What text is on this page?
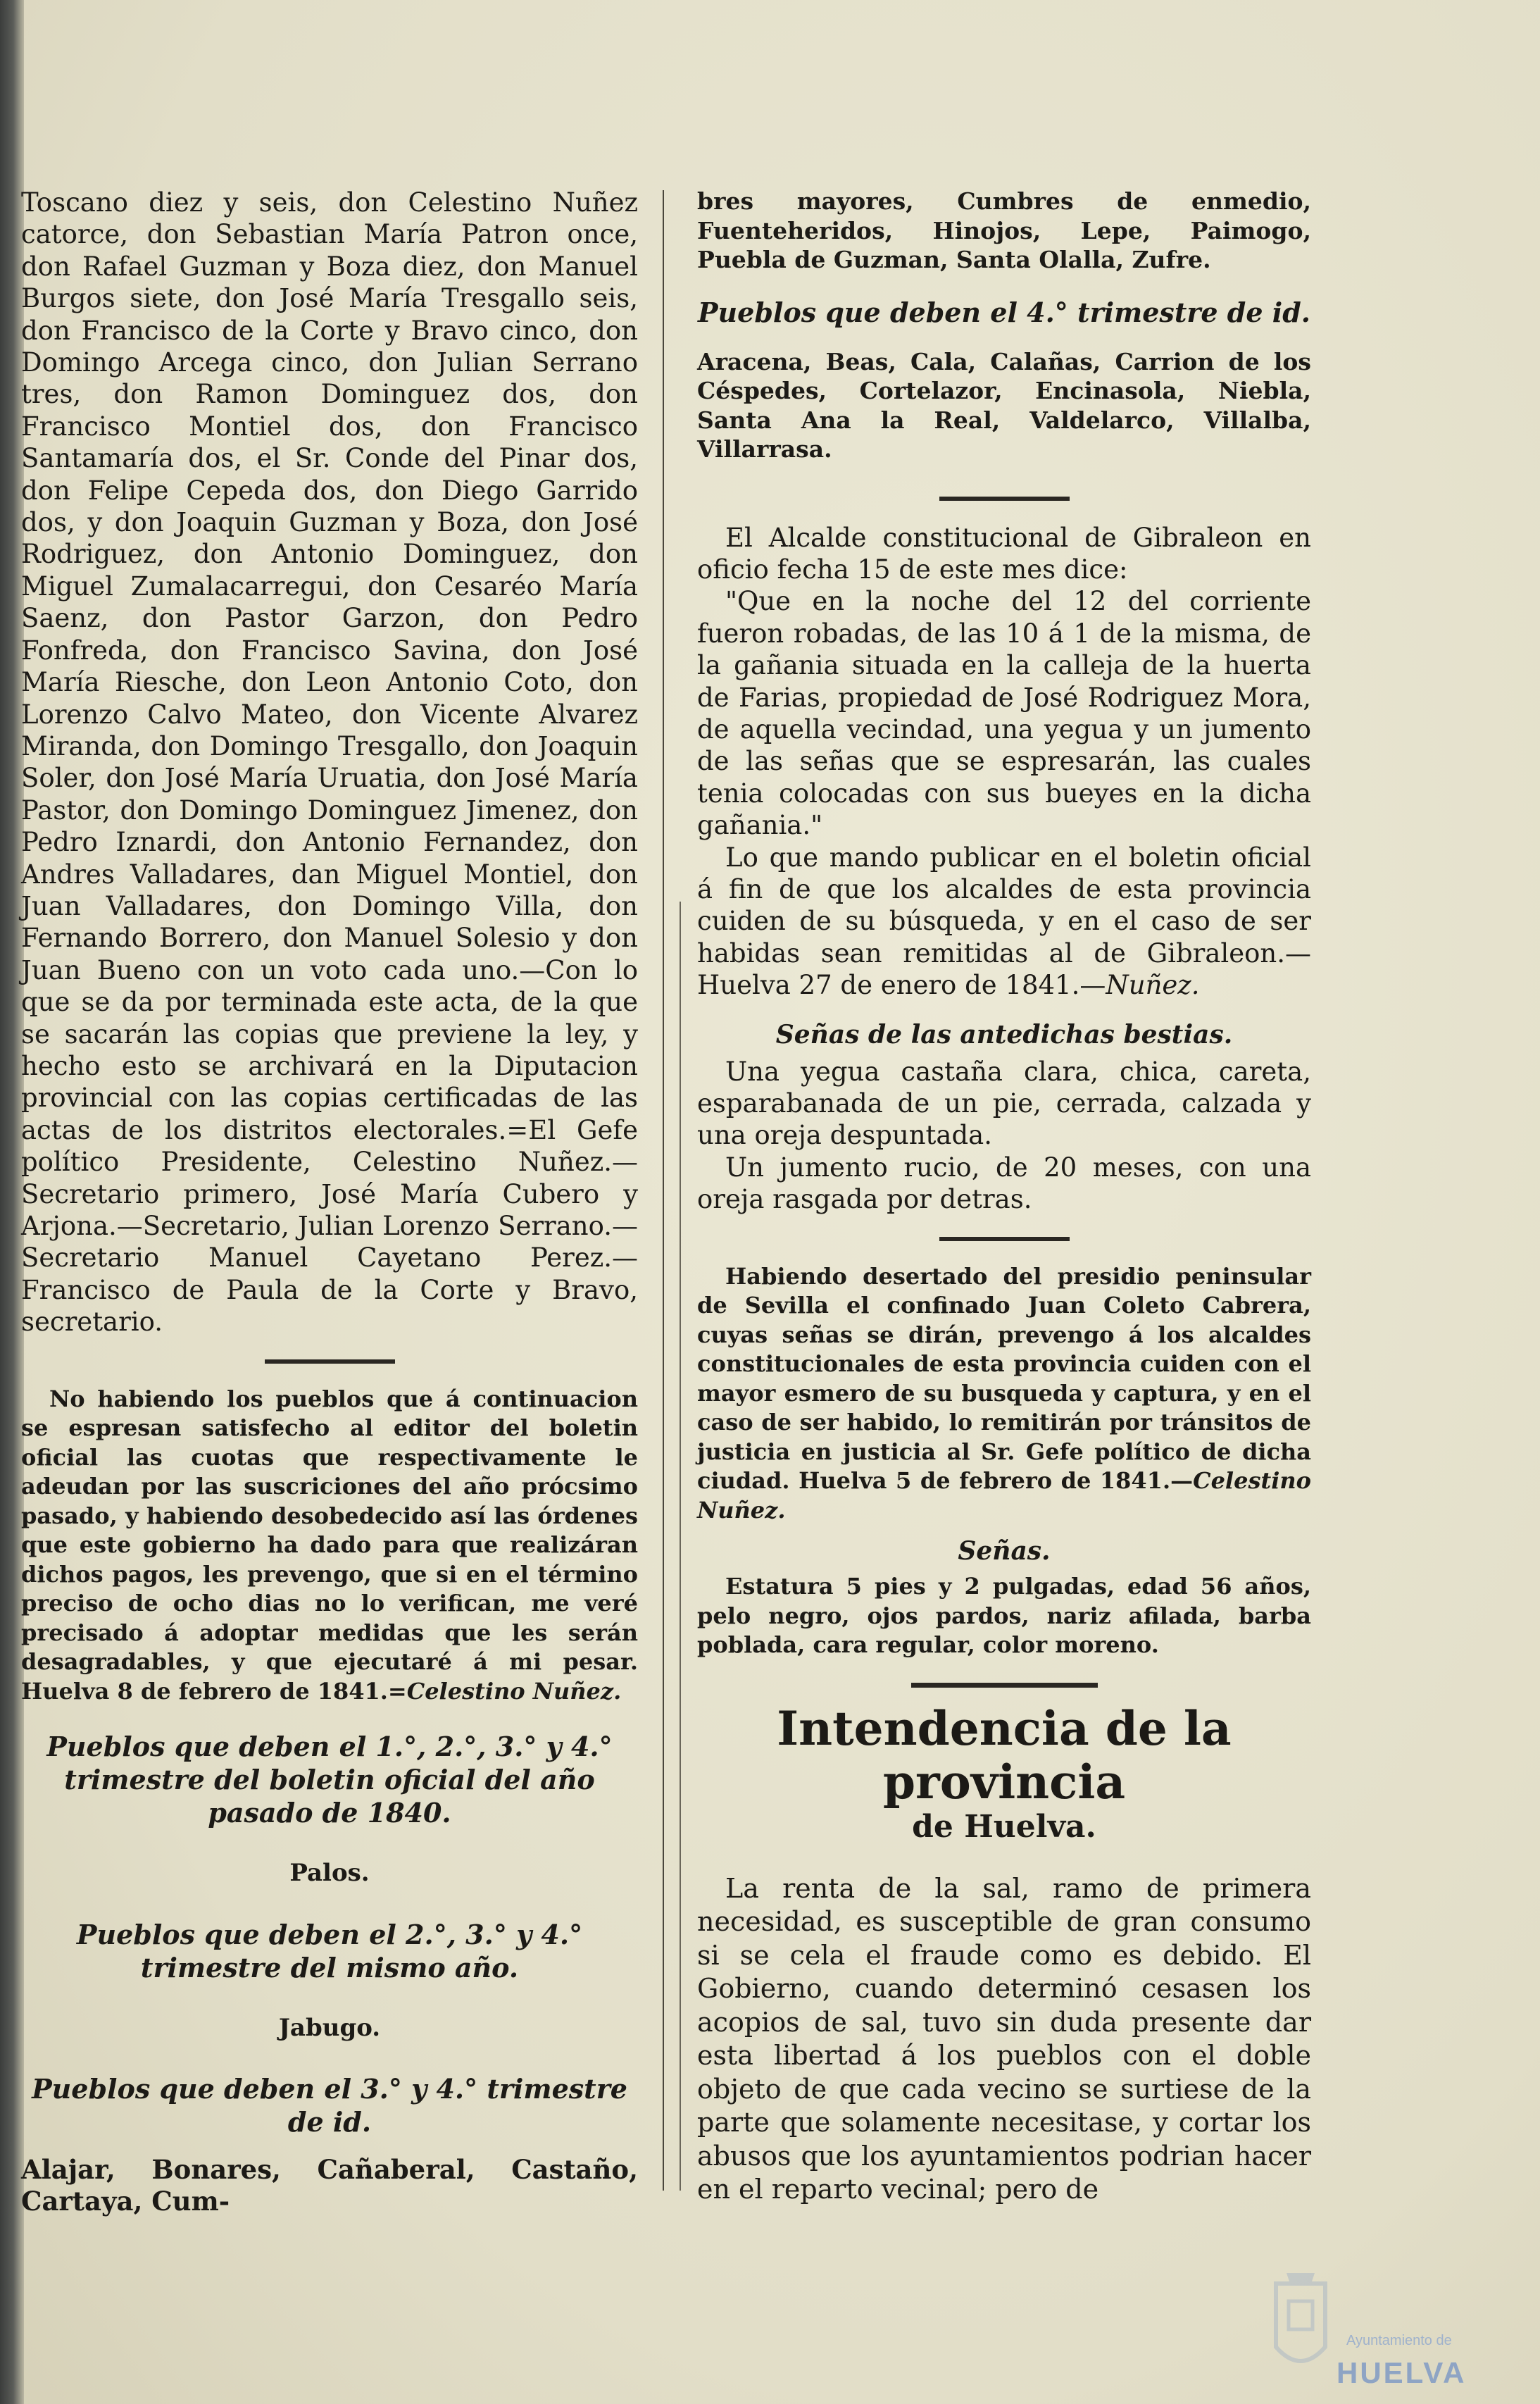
Toscano diez y seis, don Celestino Nuñez catorce, don Sebastian María Patron once, don Rafael Guzman y Boza diez, don Manuel Burgos siete, don José María Tresgallo seis, don Francisco de la Corte y Bravo cinco, don Domingo Arcega cinco, don Julian Serrano tres, don Ramon Dominguez dos, don Francisco Montiel dos, don Francisco Santamaría dos, el Sr. Conde del Pinar dos, don Felipe Cepeda dos, don Diego Garrido dos, y don Joaquin Guzman y Boza, don José Rodriguez, don Antonio Dominguez, don Miguel Zumalacarregui, don Cesaréo María Saenz, don Pastor Garzon, don Pedro Fonfreda, don Francisco Savina, don José María Riesche, don Leon Antonio Coto, don Lorenzo Calvo Mateo, don Vicente Alvarez Miranda, don Domingo Tresgallo, don Joaquin Soler, don José María Uruatia, don José María Pastor, don Domingo Dominguez Jimenez, don Pedro Iznardi, don Antonio Fernandez, don Andres Valladares, dan Miguel Montiel, don Juan Valladares, don Domingo Villa, don Fernando Borrero, don Manuel Solesio y don Juan Bueno con un voto cada uno.—Con lo que se da por terminada este acta, de la que se sacarán las copias que previene la ley, y hecho esto se archivará en la Diputacion provincial con las copias certificadas de las actas de los distritos electorales.=El Gefe político Presidente, Celestino Nuñez.—Secretario primero, José María Cubero y Arjona.—Secretario, Julian Lorenzo Serrano.— Secretario Manuel Cayetano Perez.—Francisco de Paula de la Corte y Bravo, secretario.

No habiendo los pueblos que á continuacion se espresan satisfecho al editor del boletin oficial las cuotas que respectivamente le adeudan por las suscriciones del año prócsimo pasado, y habiendo desobedecido así las órdenes que este gobierno ha dado para que realizáran dichos pagos, les prevengo, que si en el término preciso de ocho dias no lo verifican, me veré precisado á adoptar medidas que les serán desagradables, y que ejecutaré á mi pesar. Huelva 8 de febrero de 1841.=Celestino Nuñez.

Pueblos que deben el 1.°, 2.°, 3.° y 4.° trimestre del boletin oficial del año pasado de 1840.

Palos.

Pueblos que deben el 2.°, 3.° y 4.° trimestre del mismo año.

Jabugo.

Pueblos que deben el 3.° y 4.° trimestre de id.

Alajar, Bonares, Cañaberal, Castaño, Cartaya, Cum-

bres mayores, Cumbres de enmedio, Fuenteheridos, Hinojos, Lepe, Paimogo, Puebla de Guzman, Santa Olalla, Zufre.

Pueblos que deben el 4.° trimestre de id.

Aracena, Beas, Cala, Calañas, Carrion de los Céspedes, Cortelazor, Encinasola, Niebla, Santa Ana la Real, Valdelarco, Villalba, Villarrasa.

El Alcalde constitucional de Gibraleon en oficio fecha 15 de este mes dice:

"Que en la noche del 12 del corriente fueron robadas, de las 10 á 1 de la misma, de la gañania situada en la calleja de la huerta de Farias, propiedad de José Rodriguez Mora, de aquella vecindad, una yegua y un jumento de las señas que se espresarán, las cuales tenia colocadas con sus bueyes en la dicha gañania."

Lo que mando publicar en el boletin oficial á fin de que los alcaldes de esta provincia cuiden de su búsqueda, y en el caso de ser habidas sean remitidas al de Gibraleon.—Huelva 27 de enero de 1841.—Nuñez.

Señas de las antedichas bestias.

Una yegua castaña clara, chica, careta, esparabanada de un pie, cerrada, calzada y una oreja despuntada.

Un jumento rucio, de 20 meses, con una oreja rasgada por detras.

Habiendo desertado del presidio peninsular de Sevilla el confinado Juan Coleto Cabrera, cuyas señas se dirán, prevengo á los alcaldes constitucionales de esta provincia cuiden con el mayor esmero de su busqueda y captura, y en el caso de ser habido, lo remitirán por tránsitos de justicia en justicia al Sr. Gefe político de dicha ciudad. Huelva 5 de febrero de 1841.—Celestino Nuñez.

Señas.

Estatura 5 pies y 2 pulgadas, edad 56 años, pelo negro, ojos pardos, nariz afilada, barba poblada, cara regular, color moreno.

Intendencia de la provincia

de Huelva.

La renta de la sal, ramo de primera necesidad, es susceptible de gran consumo si se cela el fraude como es debido. El Gobierno, cuando determinó cesasen los acopios de sal, tuvo sin duda presente dar esta libertad á los pueblos con el doble objeto de que cada vecino se surtiese de la parte que solamente necesitase, y cortar los abusos que los ayuntamientos podrian hacer en el reparto vecinal; pero de

Ayuntamiento de
HUELVA
